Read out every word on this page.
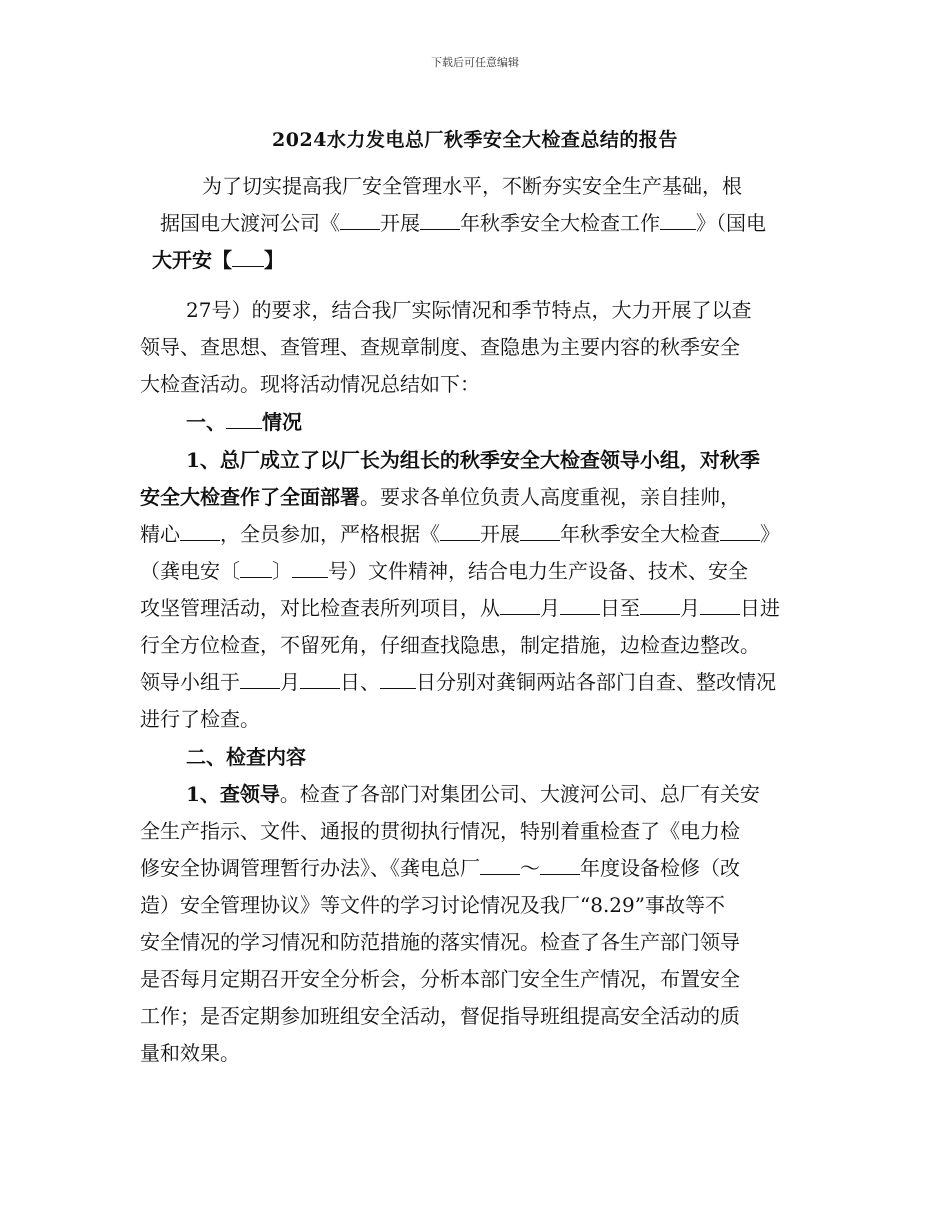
下载后可任意编辑
2024水力发电总厂秋季安全大检查总结的报告
为了切实提高我厂安全管理水平，不断夯实安全生产基础，根
据国电大渡河公司《 开展 年秋季安全大检查工作 》（国电
大开安【 】
27号）的要求，结合我厂实际情况和季节特点，大力开展了以查
领导、查思想、查管理、查规章制度、查隐患为主要内容的秋季安全
大检查活动。现将活动情况总结如下：
一、 情况
1、总厂成立了以厂长为组长的秋季安全大检查领导小组，对秋季
安全大检查作了全面部署。要求各单位负责人高度重视，亲自挂帅，
精心 ，全员参加，严格根据《 开展 年秋季安全大检查 》
（龚电安〔 〕 号）文件精神，结合电力生产设备、技术、安全
攻坚管理活动，对比检查表所列项目，从 月 日至 月 日进
行全方位检查，不留死角，仔细查找隐患，制定措施，边检查边整改。
领导小组于 月 日、 日分别对龚铜两站各部门自查、整改情况
进行了检查。
二、检查内容
1、查领导。检查了各部门对集团公司、大渡河公司、总厂有关安
全生产指示、文件、通报的贯彻执行情况，特别着重检查了《电力检
修安全协调管理暂行办法》、《龚电总厂 ～ 年度设备检修（改
造）安全管理协议》等文件的学习讨论情况及我厂“8.29”事故等不
安全情况的学习情况和防范措施的落实情况。检查了各生产部门领导
是否每月定期召开安全分析会，分析本部门安全生产情况，布置安全
工作；是否定期参加班组安全活动，督促指导班组提高安全活动的质
量和效果。
